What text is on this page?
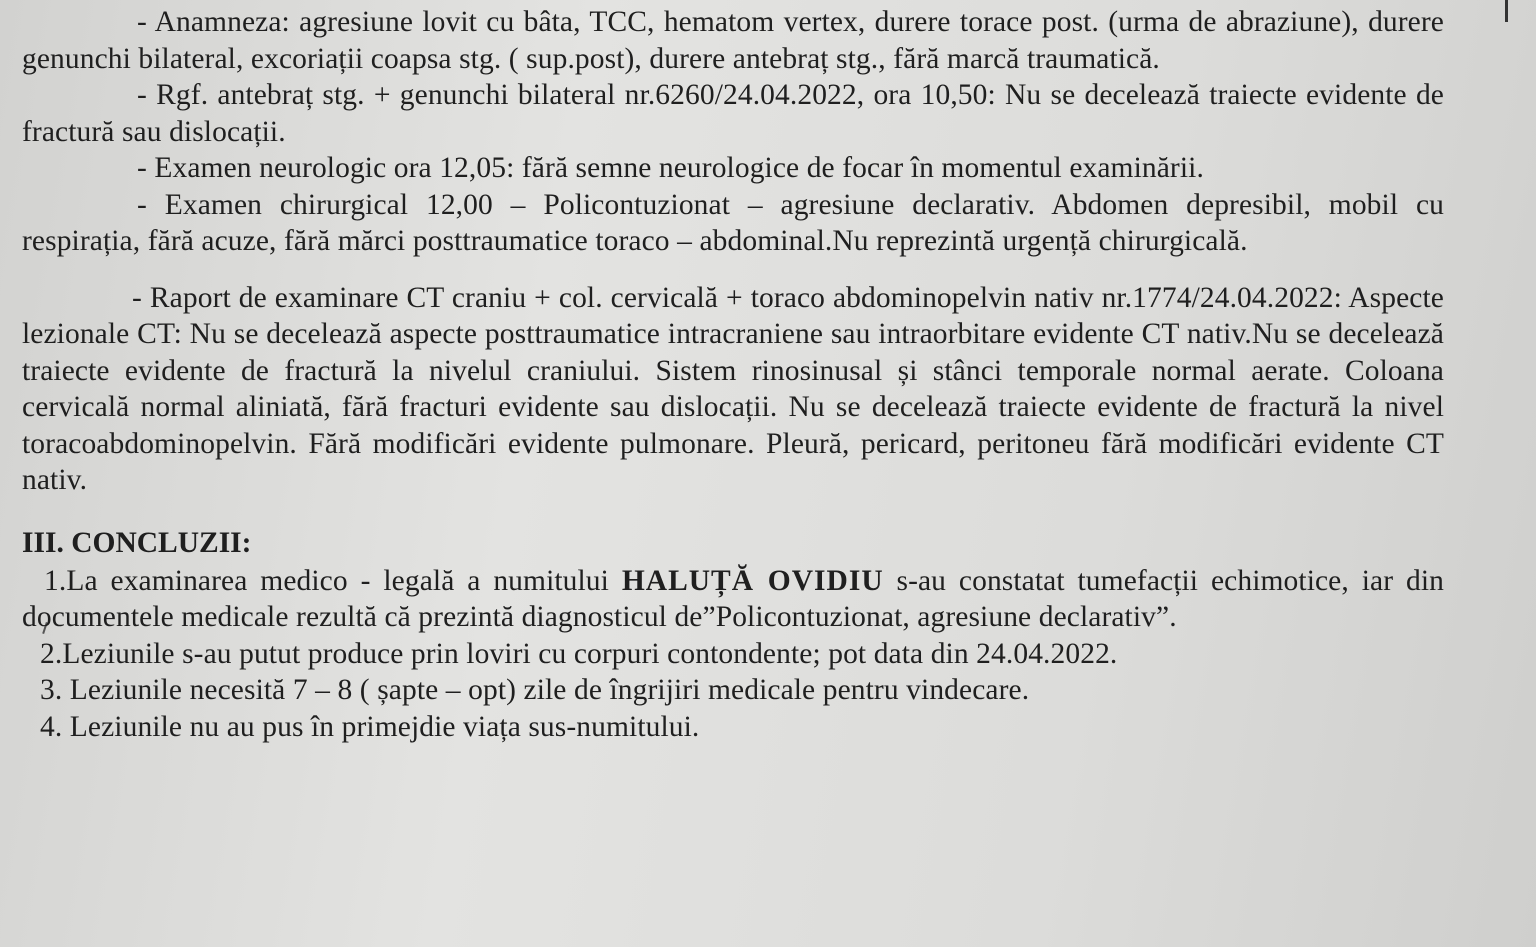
- Anamneza: agresiune lovit cu bâta, TCC, hematom vertex, durere torace post. (urma de abraziune), durere genunchi bilateral, excoriații coapsa stg. ( sup.post), durere antebraț stg., fără marcă traumatică.

- Rgf. antebraț stg. + genunchi bilateral nr.6260/24.04.2022, ora 10,50: Nu se decelează traiecte evidente de fractură sau dislocații.

- Examen neurologic ora 12,05: fără semne neurologice de focar în momentul examinării.

- Examen chirurgical 12,00 – Policontuzionat – agresiune declarativ. Abdomen depresibil, mobil cu respirația, fără acuze, fără mărci posttraumatice toraco – abdominal.Nu reprezintă urgență chirurgicală.

- Raport de examinare CT craniu + col. cervicală + toraco abdominopelvin nativ nr.1774/24.04.2022: Aspecte lezionale CT: Nu se decelează aspecte posttraumatice intracraniene sau intraorbitare evidente CT nativ.Nu se decelează traiecte evidente de fractură la nivelul craniului. Sistem rinosinusal și stânci temporale normal aerate. Coloana cervicală normal aliniată, fără fracturi evidente sau dislocații. Nu se decelează traiecte evidente de fractură la nivel toracoabdominopelvin. Fără modificări evidente pulmonare. Pleură, pericard, peritoneu fără modificări evidente CT nativ.

III. CONCLUZII:

1.La examinarea medico - legală a numitului HALUȚĂ OVIDIU s-au constatat tumefacții echimotice, iar din documentele medicale rezultă că prezintă diagnosticul de”Policontuzionat, agresiune declarativ”.

2.Leziunile s-au putut produce prin loviri cu corpuri contondente; pot data din 24.04.2022.

3. Leziunile necesită 7 – 8 ( șapte – opt) zile de îngrijiri medicale pentru vindecare.

4. Leziunile nu au pus în primejdie viața sus-numitului.
